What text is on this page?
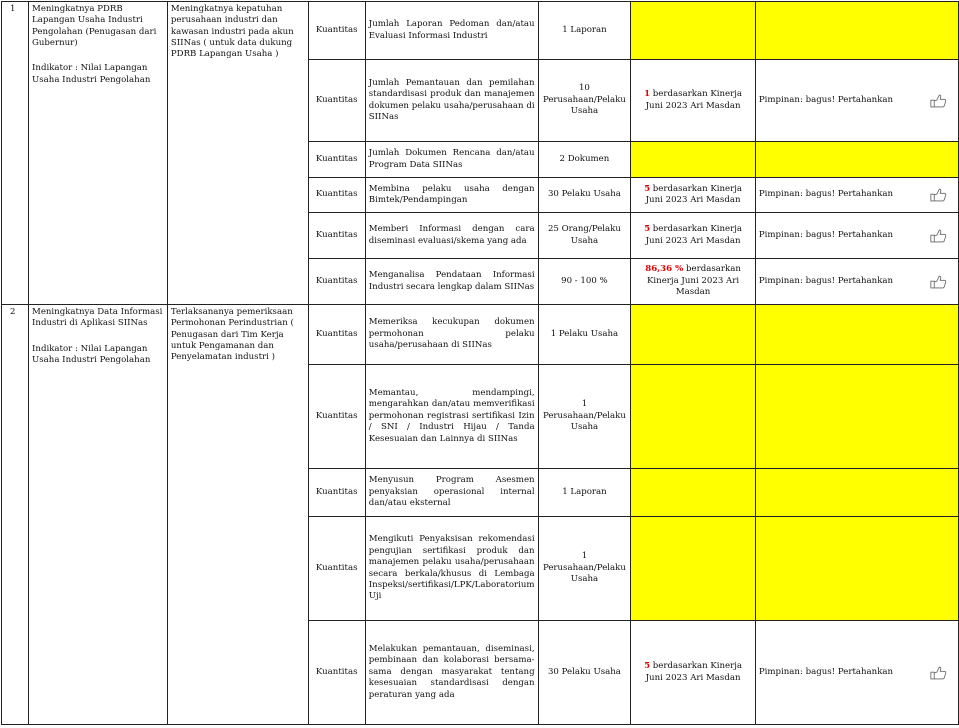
1	Meningkatnya PDRB Lapangan Usaha Industri Pengolahan (Penugasan dari Gubernur)
Indikator : Nilai Lapangan Usaha Industri Pengolahan	Meningkatnya kepatuhan perusahaan industri dan kawasan industri pada akun SIINas ( untuk data dukung PDRB Lapangan Usaha )	Kuantitas	Jumlah Laporan Pedoman dan/atau Evaluasi Informasi Industri	1 Laporan		
			Kuantitas	Jumlah Pemantauan dan pemilahan standardisasi produk dan manajemen dokumen pelaku usaha/perusahaan di SIINas	10 Perusahaan/Pelaku Usaha	1 berdasarkan Kinerja Juni 2023 Ari Masdan	Pimpinan: bagus! Pertahankan

			Kuantitas	Jumlah Dokumen Rencana dan/atau Program Data SIINas	2 Dokumen		
			Kuantitas	Membina pelaku usaha dengan Bimtek/Pendampingan	30 Pelaku Usaha	5 berdasarkan Kinerja Juni 2023 Ari Masdan	Pimpinan: bagus! Pertahankan

			Kuantitas	Memberi Informasi dengan cara diseminasi evaluasi/skema yang ada	25 Orang/Pelaku Usaha	5 berdasarkan Kinerja Juni 2023 Ari Masdan	Pimpinan: bagus! Pertahankan

			Kuantitas	Menganalisa Pendataan Informasi Industri secara lengkap dalam SIINas	90 - 100 %	86,36 % berdasarkan Kinerja Juni 2023 Ari Masdan	Pimpinan: bagus! Pertahankan

2	Meningkatnya Data Informasi Industri di Aplikasi SIINas
Indikator : Nilai Lapangan Usaha Industri Pengolahan	Terlaksananya pemeriksaan Permohonan Perindustrian ( Penugasan dari Tim Kerja untuk Pengamanan dan Penyelamatan industri )	Kuantitas	Memeriksa kecukupan dokumen permohonan pelaku usaha/perusahaan di SIINas	1 Pelaku Usaha		
			Kuantitas	Memantau, mendampingi, mengarahkan dan/atau memverifikasi permohonan registrasi sertifikasi Izin / SNI / Industri Hijau / Tanda Kesesuaian dan Lainnya di SIINas	1 Perusahaan/Pelaku Usaha		
			Kuantitas	Menyusun Program Asesmen penyaksian operasional internal dan/atau eksternal	1 Laporan		
			Kuantitas	Mengikuti Penyaksisan rekomendasi pengujian sertifikasi produk dan manajemen pelaku usaha/perusahaan secara berkala/khusus di Lembaga Inspeksi/sertifikasi/LPK/Laboratorium Uji	1 Perusahaan/Pelaku Usaha		
			Kuantitas	Melakukan pemantauan, diseminasi, pembinaan dan kolaborasi bersama-sama dengan masyarakat tentang kesesuaian standardisasi dengan peraturan yang ada	30 Pelaku Usaha	5 berdasarkan Kinerja Juni 2023 Ari Masdan	Pimpinan: bagus! Pertahankan
